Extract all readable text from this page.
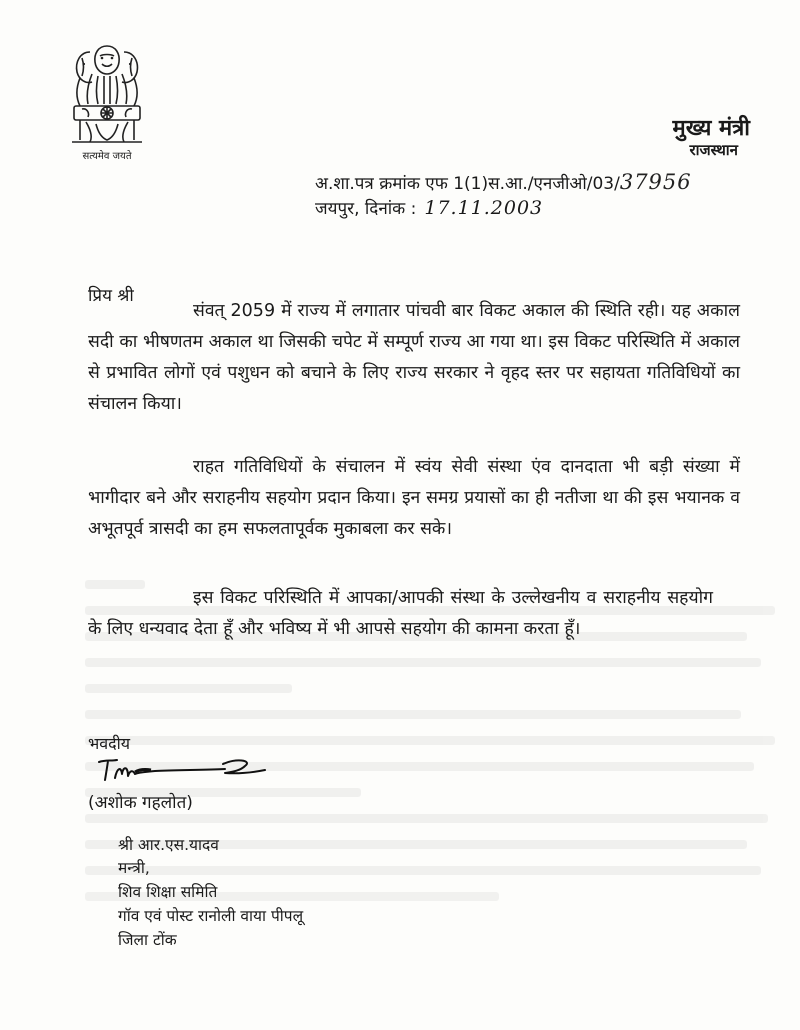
सत्यमेव जयते
मुख्य मंत्री
राजस्थान
अ.शा.पत्र क्रमांक एफ 1(1)स.आ./एनजीओ/03/37956
जयपुर, दिनांक : 17.11.2003
प्रिय श्री
संवत् 2059 में राज्य में लगातार पांचवी बार विकट अकाल की स्थिति रही। यह अकाल सदी का भीषणतम अकाल था जिसकी चपेट में सम्पूर्ण राज्य आ गया था। इस विकट परिस्थिति में अकाल से प्रभावित लोगों एवं पशुधन को बचाने के लिए राज्य सरकार ने वृहद स्तर पर सहायता गतिविधियों का संचालन किया।
राहत गतिविधियों के संचालन में स्वंय सेवी संस्था एंव दानदाता भी बड़ी संख्या में भागीदार बने और सराहनीय सहयोग प्रदान किया। इन समग्र प्रयासों का ही नतीजा था की इस भयानक व अभूतपूर्व त्रासदी का हम सफलतापूर्वक मुकाबला कर सके।
इस विकट परिस्थिति में आपका/आपकी संस्था के उल्लेखनीय व सराहनीय सहयोग के लिए धन्यवाद देता हूँ और भविष्य में भी आपसे सहयोग की कामना करता हूँ।
भवदीय
(अशोक गहलोत)
श्री आर.एस.यादव
मन्त्री,
शिव शिक्षा समिति
गॉव एवं पोस्ट रानोली वाया पीपलू
जिला टोंक
